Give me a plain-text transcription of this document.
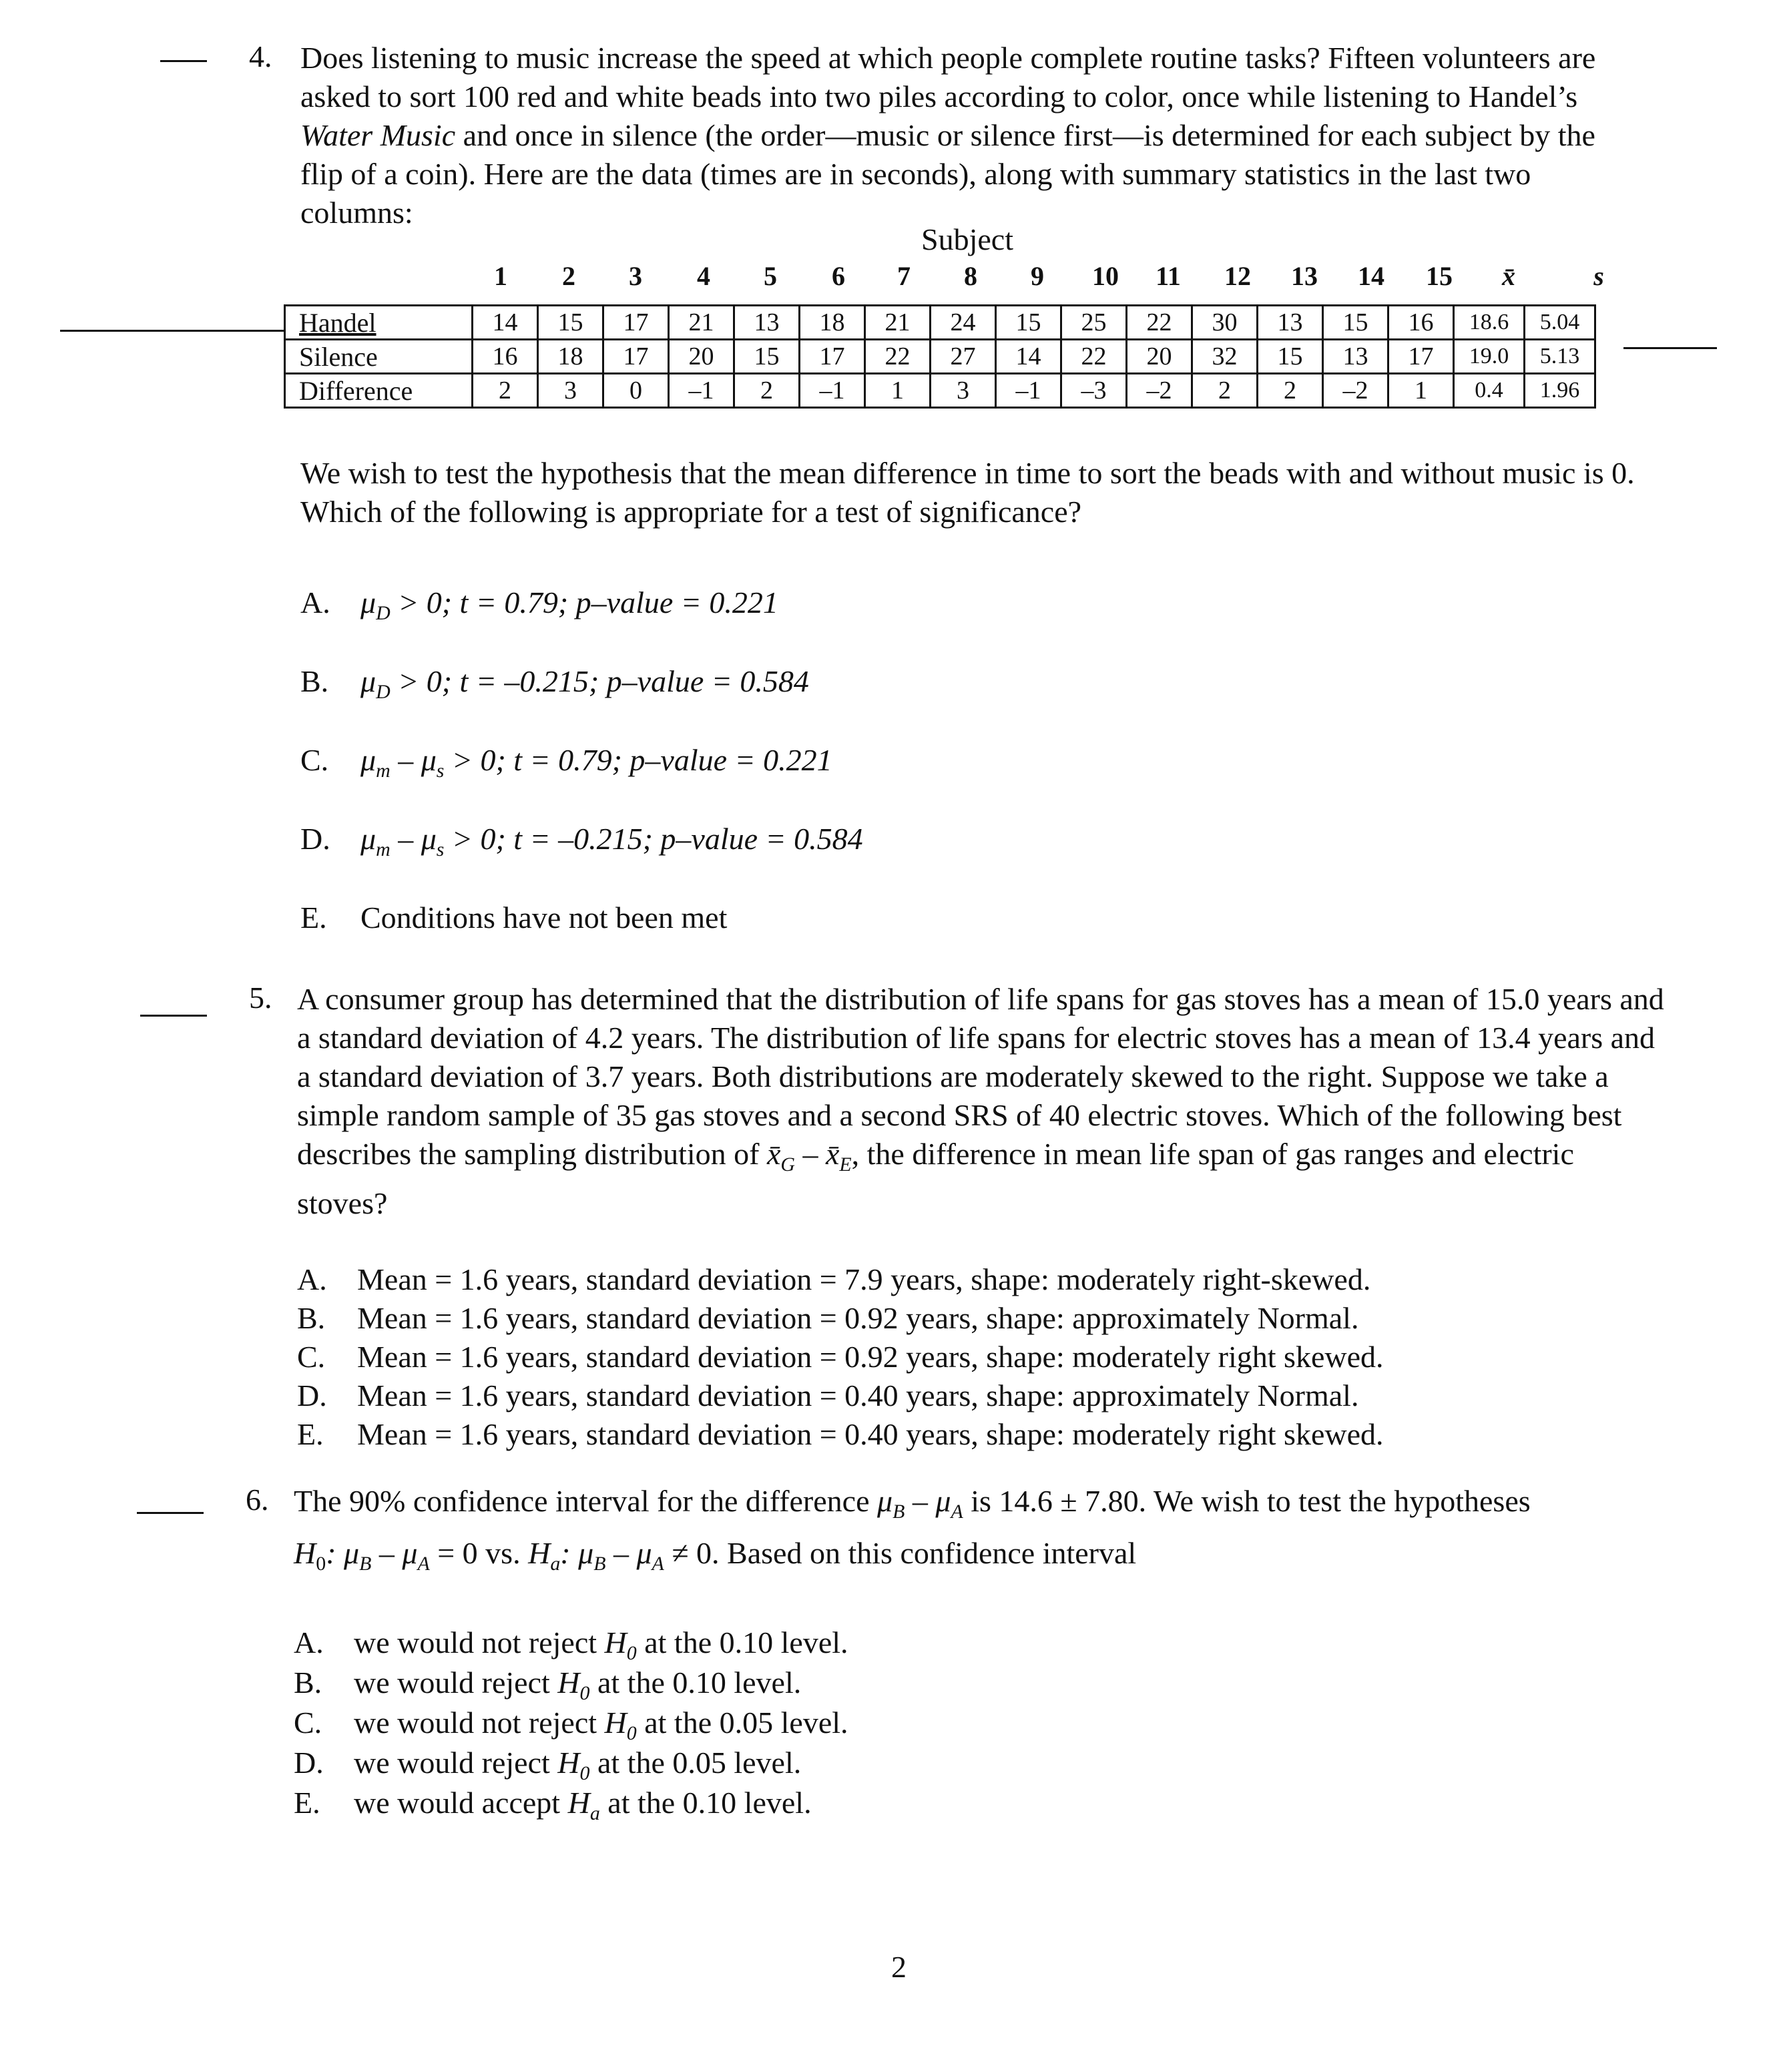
4. Does listening to music increase the speed at which people complete routine tasks? Fifteen volunteers are asked to sort 100 red and white beads into two piles according to color, once while listening to Handel’s Water Music and once in silence (the order—music or silence first—is determined for each subject by the flip of a coin). Here are the data (times are in seconds), along with summary statistics in the last two columns:

Subject
1	2	3	4	5	6	7	8	9	10	11	12	13	14	15	x̄	s
Handel	14	15	17	21	13	18	21	24	15	25	22	30	13	15	16	18.6	5.04
Silence	16	18	17	20	15	17	22	27	14	22	20	32	15	13	17	19.0	5.13
Difference	2	3	0	–1	2	–1	1	3	–1	–3	–2	2	2	–2	1	0.4	1.96
We wish to test the hypothesis that the mean difference in time to sort the beads with and without music is 0.
Which of the following is appropriate for a test of significance?
A. $\mu_D > 0$; t = 0.79; p–value = 0.221
B. $\mu_D > 0$; t = –0.215; p–value = 0.584
C. $\mu_m - \mu_s > 0$; t = 0.79; p–value = 0.221
D. $\mu_m - \mu_s > 0$; t = –0.215; p–value = 0.584
E. Conditions have not been met
5. A consumer group has determined that the distribution of life spans for gas stoves has a mean of 15.0 years and a standard deviation of 4.2 years. The distribution of life spans for electric stoves has a mean of 13.4 years and a standard deviation of 3.7 years. Both distributions are moderately skewed to the right. Suppose we take a simple random sample of 35 gas stoves and a second SRS of 40 electric stoves. Which of the following best describes the sampling distribution of $x̄_G$ – $x̄_E$, the difference in mean life span of gas ranges and electric stoves?

A. Mean = 1.6 years, standard deviation = 7.9 years, shape: moderately right-skewed.
B. Mean = 1.6 years, standard deviation = 0.92 years, shape: approximately Normal.
C. Mean = 1.6 years, standard deviation = 0.92 years, shape: moderately right skewed.
D. Mean = 1.6 years, standard deviation = 0.40 years, shape: approximately Normal.
E. Mean = 1.6 years, standard deviation = 0.40 years, shape: moderately right skewed.
6. The 90% confidence interval for the difference $\mu_B - \mu_A$ is 14.6 ± 7.80. We wish to test the hypotheses
$H_0$: $\mu_B - \mu_A = 0$ vs. $H_a$: $\mu_B - \mu_A \ne 0$. Based on this confidence interval
A. we would not reject $H_0$ at the 0.10 level.
B. we would reject $H_0$ at the 0.10 level.
C. we would not reject $H_0$ at the 0.05 level.
D. we would reject $H_0$ at the 0.05 level.
E. we would accept $H_a$ at the 0.10 level.
2
